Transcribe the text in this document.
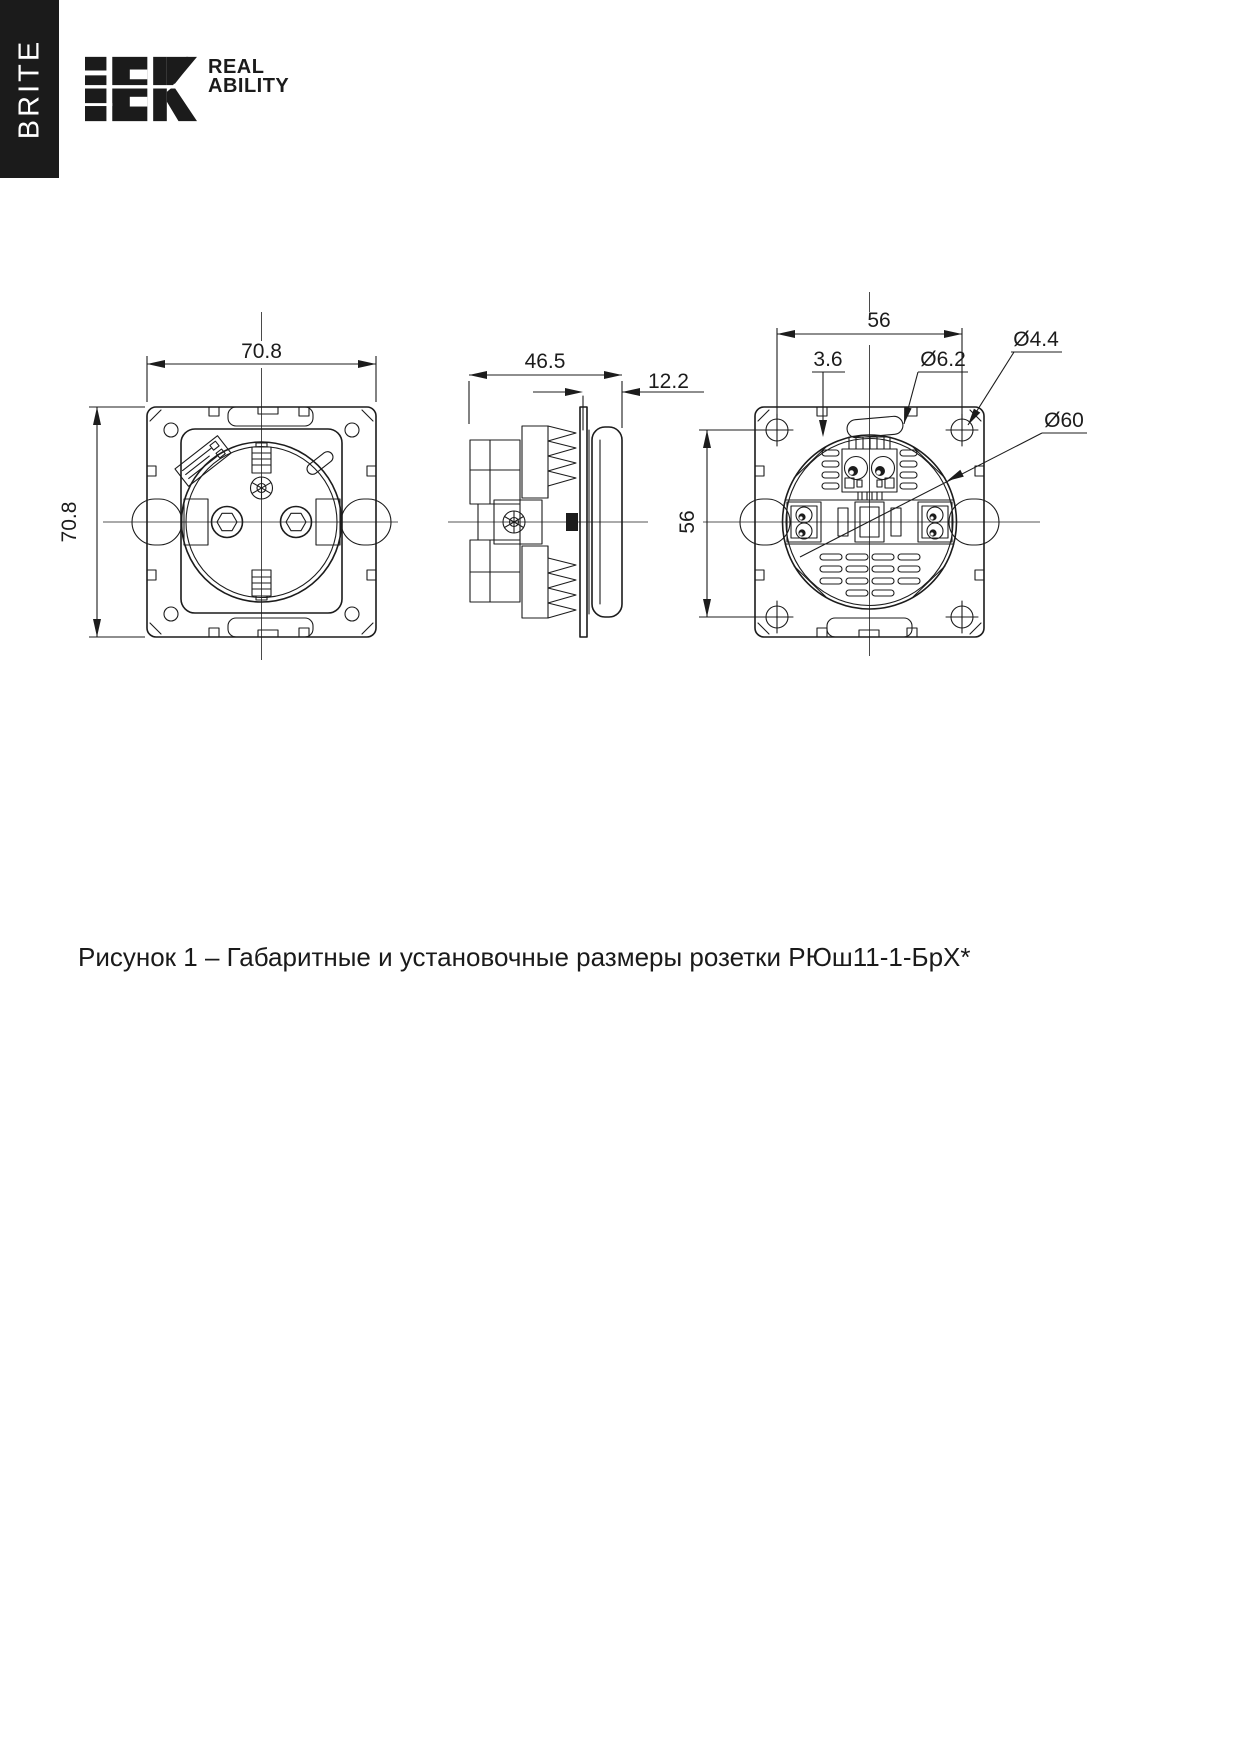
BRITE	REAL
ABILITY
70.8
70.8
46.5
12.2
56
56
3.6	Ø6.2
Ø4.4
Ø60
Рисунок 1 – Габаритные и установочные размеры розетки РЮш11-1-БрХ*
